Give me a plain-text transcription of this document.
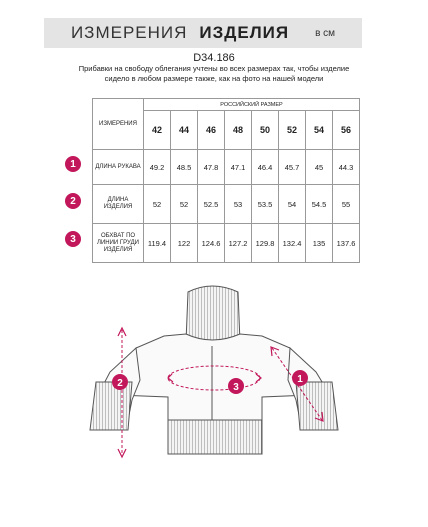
ИЗМЕРЕНИЯ ИЗДЕЛИЯ	в см
D34.186
Прибавки на свободу облегания учтены во всех размерах так, чтобы изделие сидело в любом размере также, как на фото на нашей модели
ИЗМЕРЕНИЯ	РОССИЙСКИЙ РАЗМЕР							
	42	44	46	48	50	52	54	56
ДЛИНА РУКАВА	49.2	48.5	47.8	47.1	46.4	45.7	45	44.3
ДЛИНА ИЗДЕЛИЯ	52	52	52.5	53	53.5	54	54.5	55
ОБХВАТ ПО ЛИНИИ ГРУДИ ИЗДЕЛИЯ	119.4	122	124.6	127.2	129.8	132.4	135	137.6
1
2
3
2	3
1
